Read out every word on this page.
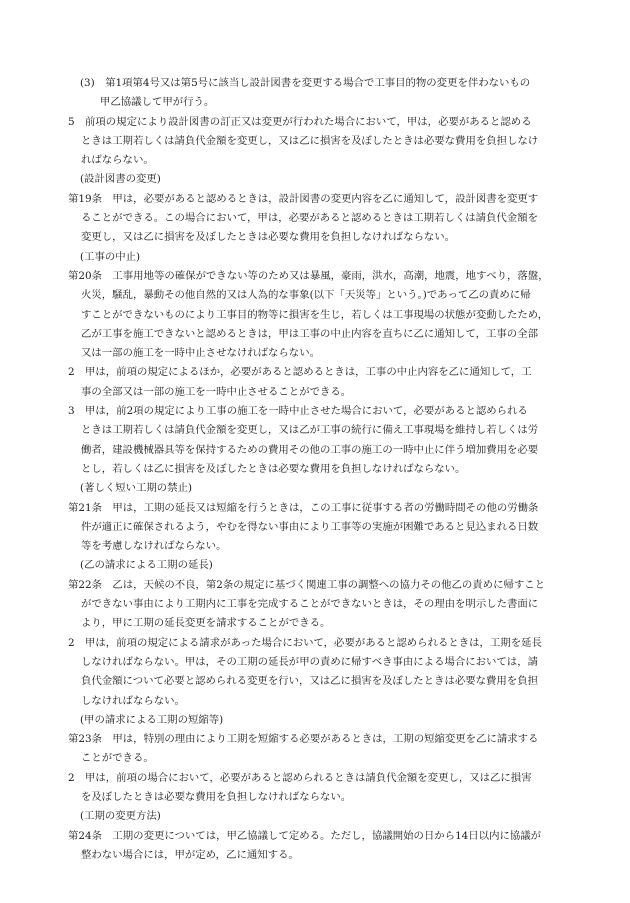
(3)　第1項第4号又は第5号に該当し設計図書を変更する場合で工事目的物の変更を伴わないもの
甲乙協議して甲が行う。
5　前項の規定により設計図書の訂正又は変更が行われた場合において，甲は，必要があると認める
ときは工期若しくは請負代金額を変更し，又は乙に損害を及ぼしたときは必要な費用を負担しなけ
ればならない。
(設計図書の変更)
第19条　甲は，必要があると認めるときは，設計図書の変更内容を乙に通知して，設計図書を変更す
ることができる。この場合において，甲は，必要があると認めるときは工期若しくは請負代金額を
変更し，又は乙に損害を及ぼしたときは必要な費用を負担しなければならない。
(工事の中止)
第20条　工事用地等の確保ができない等のため又は暴風，豪雨，洪水，高潮，地震，地すべり，落盤，
火災，騒乱，暴動その他自然的又は人為的な事象(以下「天災等」という。)であって乙の責めに帰
すことができないものにより工事目的物等に損害を生じ，若しくは工事現場の状態が変動したため，
乙が工事を施工できないと認めるときは，甲は工事の中止内容を直ちに乙に通知して，工事の全部
又は一部の施工を一時中止させなければならない。
2　甲は，前項の規定によるほか，必要があると認めるときは，工事の中止内容を乙に通知して，工
事の全部又は一部の施工を一時中止させることができる。
3　甲は，前2項の規定により工事の施工を一時中止させた場合において，必要があると認められる
ときは工期若しくは請負代金額を変更し，又は乙が工事の続行に備え工事現場を維持し若しくは労
働者，建設機械器具等を保持するための費用その他の工事の施工の一時中止に伴う増加費用を必要
とし，若しくは乙に損害を及ぼしたときは必要な費用を負担しなければならない。
(著しく短い工期の禁止)
第21条　甲は，工期の延長又は短縮を行うときは，この工事に従事する者の労働時間その他の労働条
件が適正に確保されるよう，やむを得ない事由により工事等の実施が困難であると見込まれる日数
等を考慮しなければならない。
(乙の請求による工期の延長)
第22条　乙は，天候の不良，第2条の規定に基づく関連工事の調整への協力その他乙の責めに帰すこと
ができない事由により工期内に工事を完成することができないときは，その理由を明示した書面に
より，甲に工期の延長変更を請求することができる。
2　甲は，前項の規定による請求があった場合において，必要があると認められるときは，工期を延長
しなければならない。甲は，その工期の延長が甲の責めに帰すべき事由による場合においては，請
負代金額について必要と認められる変更を行い，又は乙に損害を及ぼしたときは必要な費用を負担
しなければならない。
(甲の請求による工期の短縮等)
第23条　甲は，特別の理由により工期を短縮する必要があるときは，工期の短縮変更を乙に請求する
ことができる。
2　甲は，前項の場合において，必要があると認められるときは請負代金額を変更し，又は乙に損害
を及ぼしたときは必要な費用を負担しなければならない。
(工期の変更方法)
第24条　工期の変更については，甲乙協議して定める。ただし，協議開始の日から14日以内に協議が
整わない場合には，甲が定め，乙に通知する。
